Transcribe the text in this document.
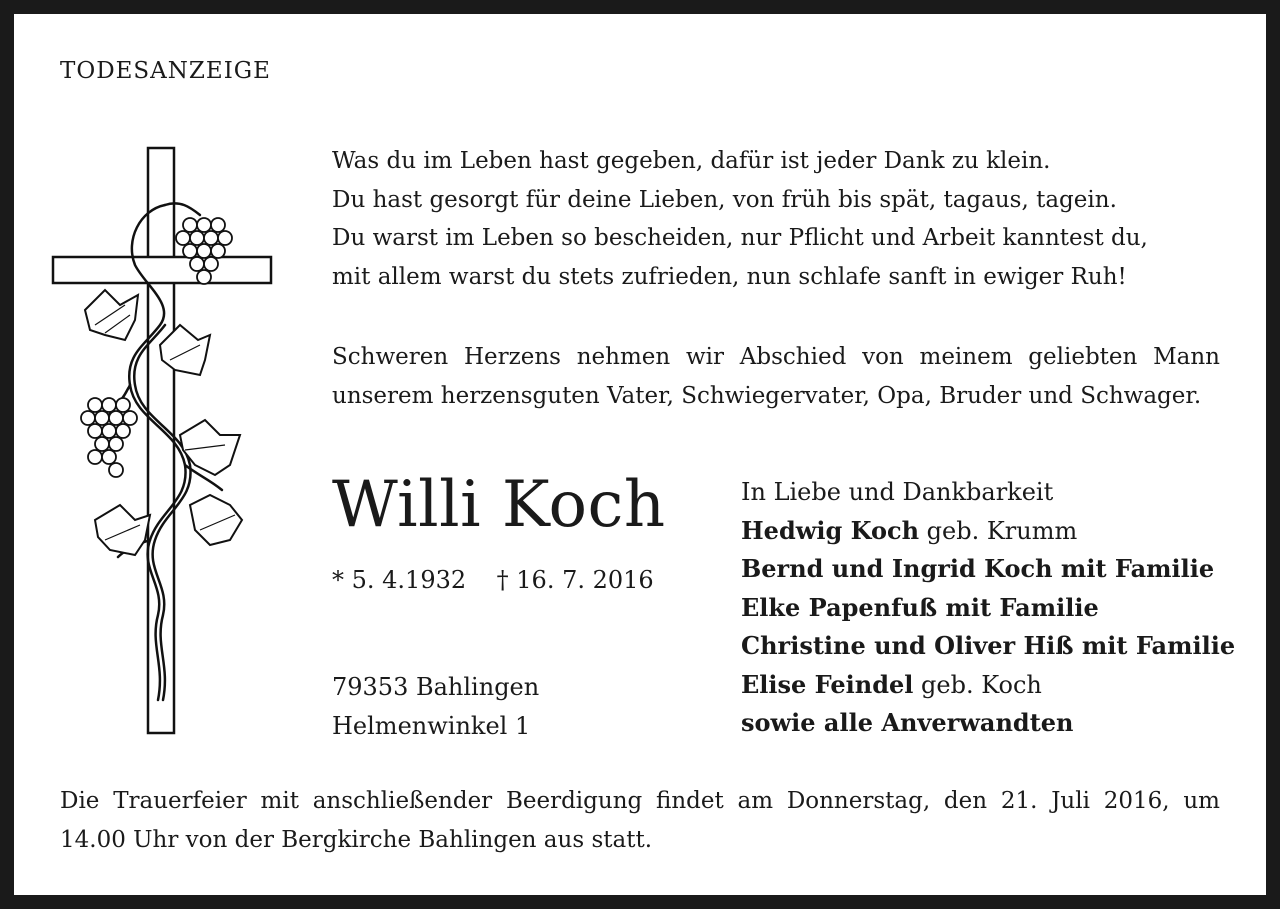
TODESANZEIGE
Was du im Leben hast gegeben, dafür ist jeder Dank zu klein.
Du hast gesorgt für deine Lieben, von früh bis spät, tagaus, tagein.
Du warst im Leben so bescheiden, nur Pflicht und Arbeit kanntest du,
mit allem warst du stets zufrieden, nun schlafe sanft in ewiger Ruh!
Schweren Herzens nehmen wir Abschied von meinem geliebten Mann
unserem herzensguten Vater, Schwiegervater, Opa, Bruder und Schwager.
Willi Koch
* 5. 4.1932 † 16. 7. 2016
79353 Bahlingen
Helmenwinkel 1
In Liebe und Dankbarkeit
Hedwig Koch geb. Krumm
Bernd und Ingrid Koch mit Familie
Elke Papenfuß mit Familie
Christine und Oliver Hiß mit Familie
Elise Feindel geb. Koch
sowie alle Anverwandten
Die Trauerfeier mit anschließender Beerdigung findet am Donnerstag, den 21. Juli 2016, um
14.00 Uhr von der Bergkirche Bahlingen aus statt.
